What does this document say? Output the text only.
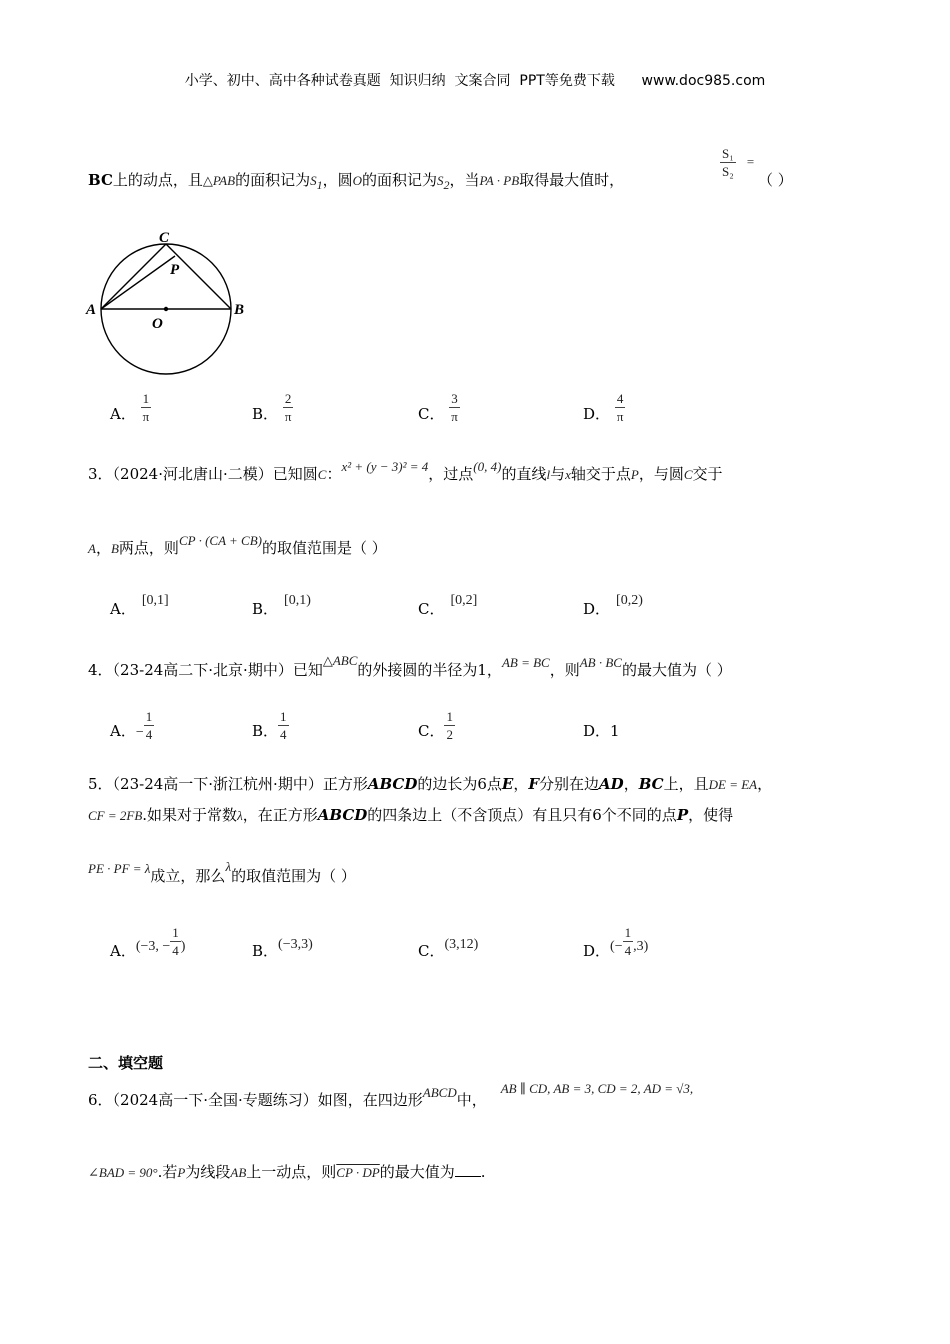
小学、初中、高中各种试卷真题  知识归纳  文案合同  PPT等免费下载      www.doc985.com
BC上的动点，且△PAB的面积记为$S_1$，圆O的面积记为$S_2$，当PA · PB取得最大值时，
$\frac{\text{S₁}}{\text{S₂}}$ =
（ ）
C
P
A	B
O
A． $\frac{1}{\pi}$	B． $\frac{2}{\pi}$	C． $\frac{3}{\pi}$	D． $\frac{4}{\pi}$
3．（2024·河北唐山·二模）已知圆C：x² + (y − 3)² = 4，过点(0, 4)的直线l与x轴交于点P，与圆C交于
A，B两点，则CP · (CA + CB)的取值范围是（ ）
A． [0,1]	B． [0,1)	C． [0,2]	D． [0,2)
4．（23-24高二下·北京·期中）已知△ABC的外接圆的半径为1，AB = BC，则AB · BC的最大值为（ ）
A．− $\frac{1}{4}$	B． $\frac{1}{4}$	C． $\frac{1}{2}$	D．1
5．（23-24高一下·浙江杭州·期中）正方形ABCD的边长为6点E，F分别在边AD，BC上，且DE = EA，
CF = 2FB.如果对于常数λ，在正方形ABCD的四条边上（不含顶点）有且只有6个不同的点P，使得
PE · PF = λ成立，那么λ的取值范围为（ ）
A．(−3, − $\frac{1}{4}$ )	B．(−3,3)	C．(3,12)	D．(− $\frac{1}{4} ,3$)
二、填空题
6．（2024高一下·全国·专题练习）如图，在四边形ABCD中，AB ∥ CD, AB = 3, CD = 2, AD = √3,
∠BAD = 90°.若P为线段AB上一动点，则CP · DP的最大值为 .
